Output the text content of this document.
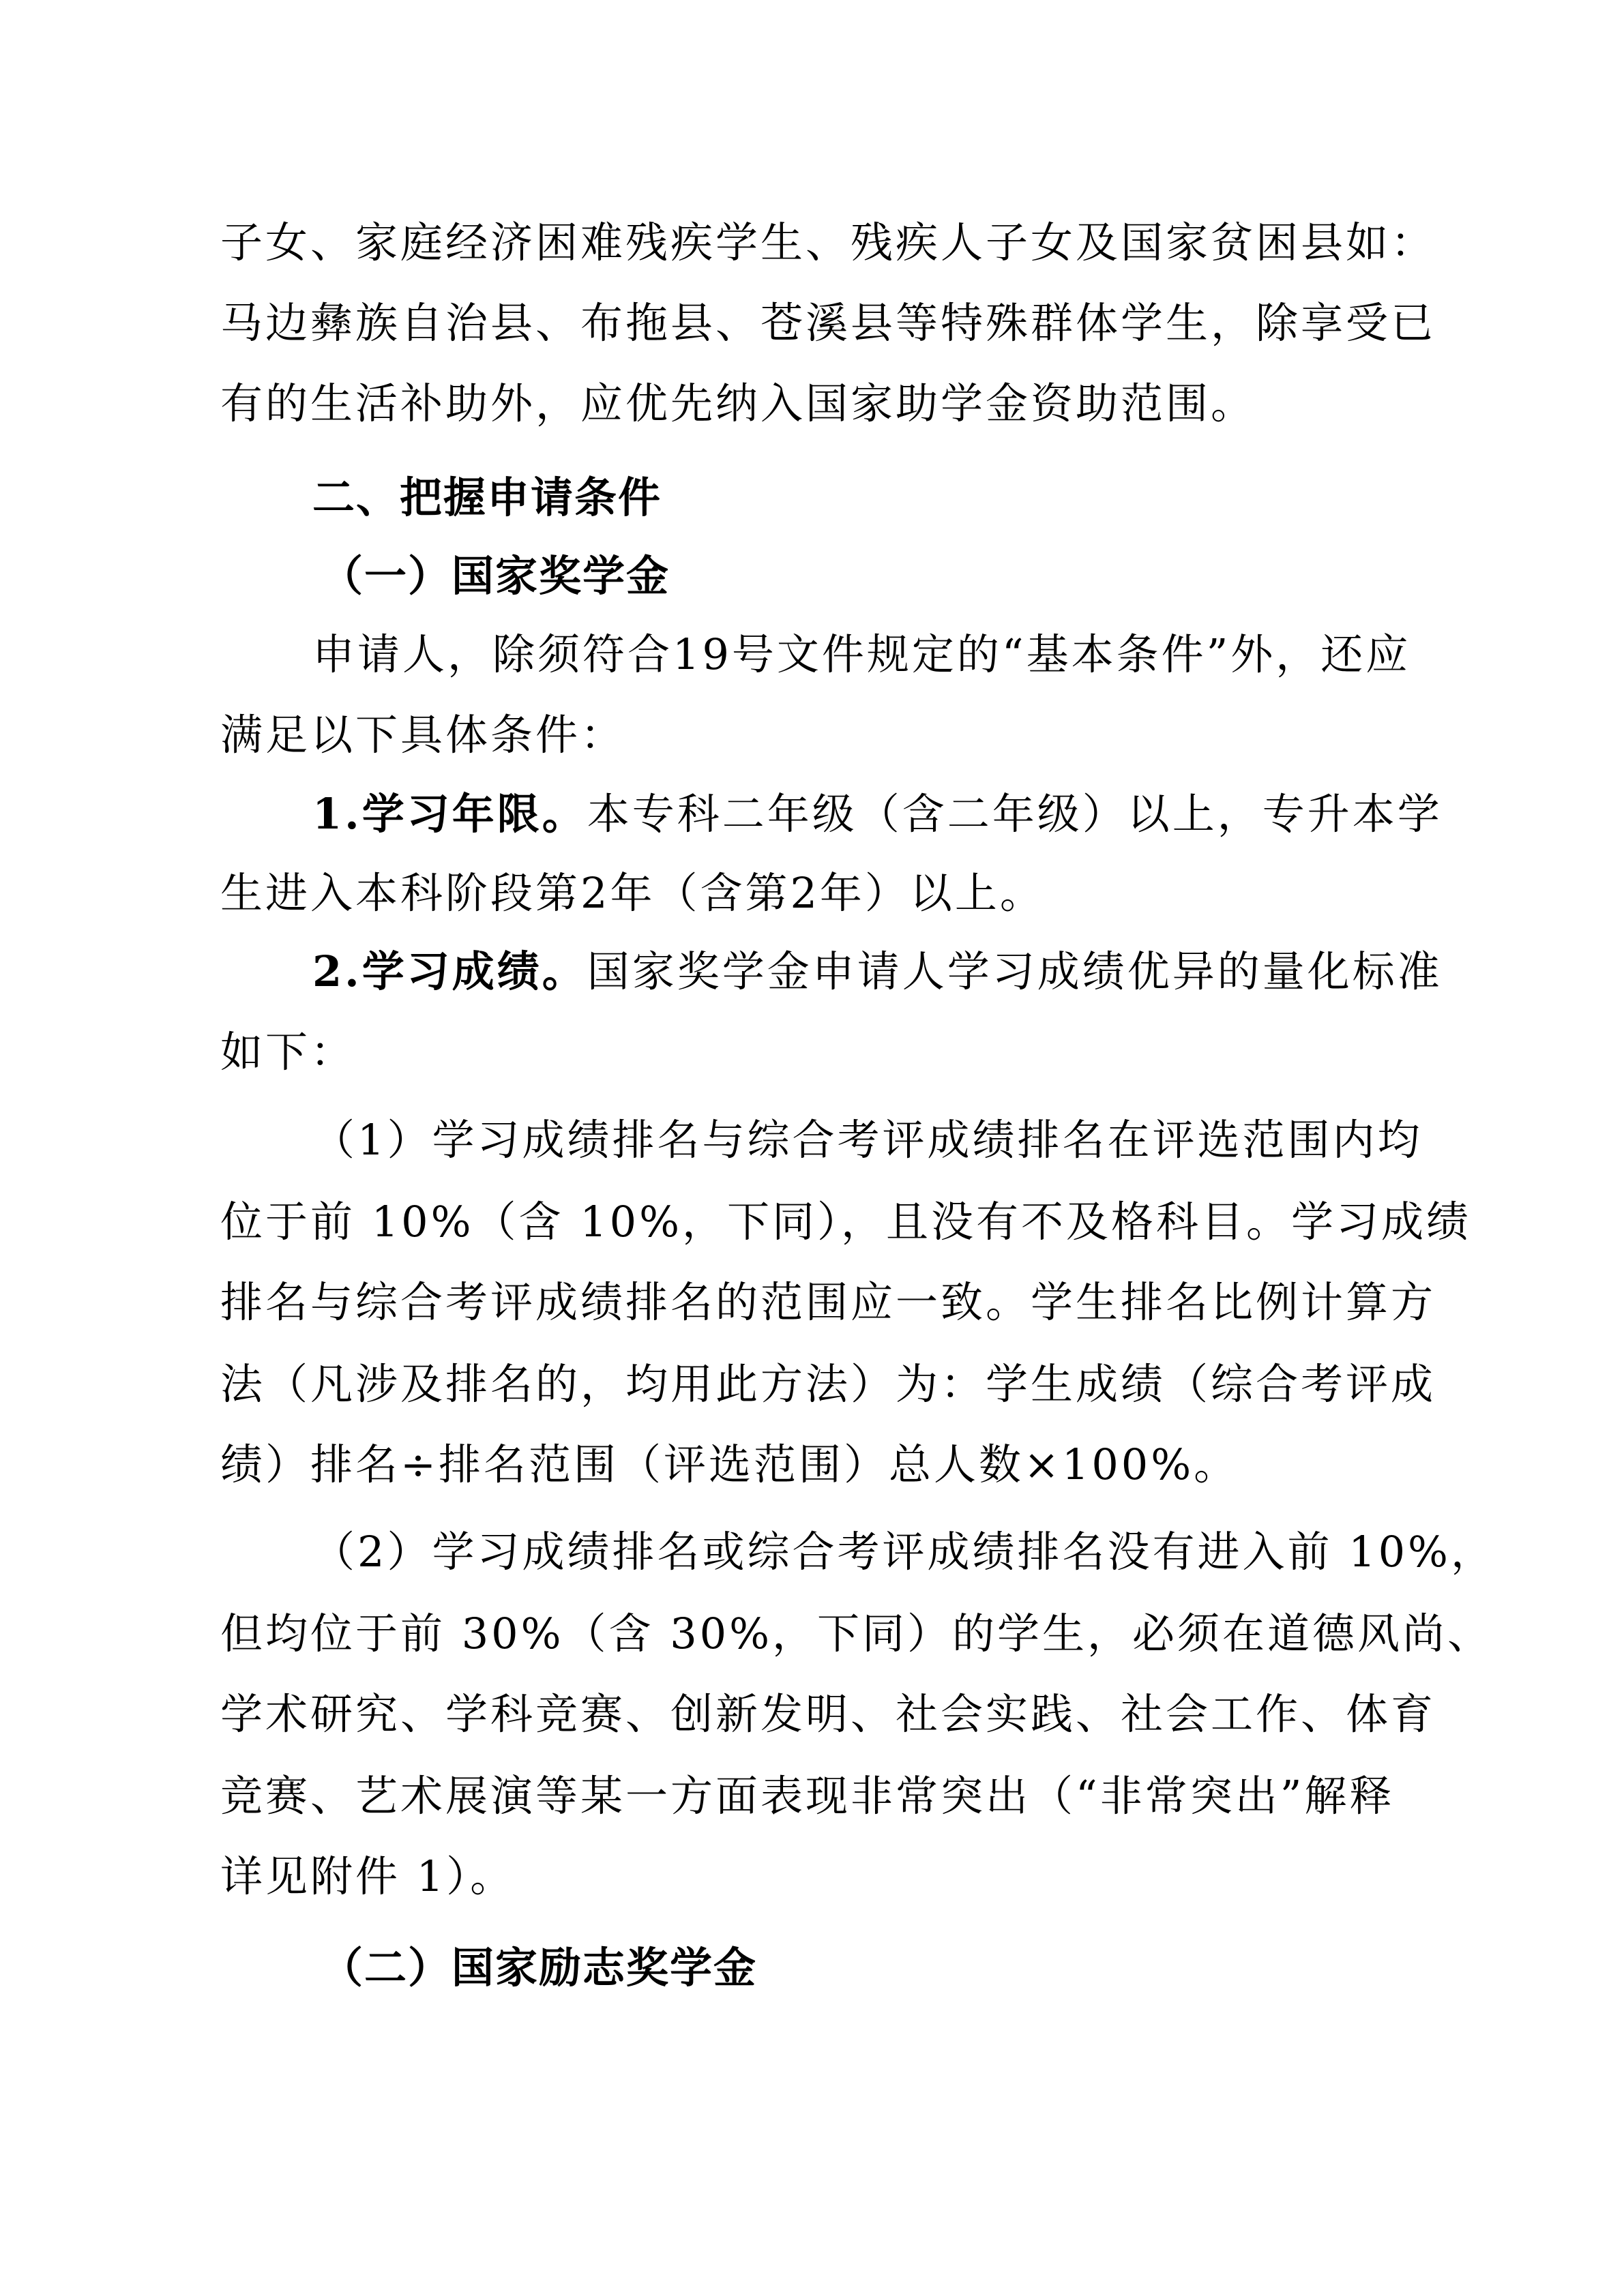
子女、家庭经济困难残疾学生、残疾人子女及国家贫困县如：
马边彝族自治县、布拖县、苍溪县等特殊群体学生，除享受已
有的生活补助外，应优先纳入国家助学金资助范围。
二、把握申请条件
（一）国家奖学金
申请人，除须符合19号文件规定的“基本条件”外，还应
满足以下具体条件：
1.学习年限。本专科二年级（含二年级）以上，专升本学
生进入本科阶段第2年（含第2年）以上。
2.学习成绩。国家奖学金申请人学习成绩优异的量化标准
如下：
（1）学习成绩排名与综合考评成绩排名在评选范围内均
位于前 10%（含 10%，下同），且没有不及格科目。学习成绩
排名与综合考评成绩排名的范围应一致。学生排名比例计算方
法（凡涉及排名的，均用此方法）为：学生成绩（综合考评成
绩）排名÷排名范围（评选范围）总人数×100%。
（2）学习成绩排名或综合考评成绩排名没有进入前 10%，
但均位于前 30%（含 30%，下同）的学生，必须在道德风尚、
学术研究、学科竞赛、创新发明、社会实践、社会工作、体育
竞赛、艺术展演等某一方面表现非常突出（“非常突出”解释
详见附件 1）。
（二）国家励志奖学金
